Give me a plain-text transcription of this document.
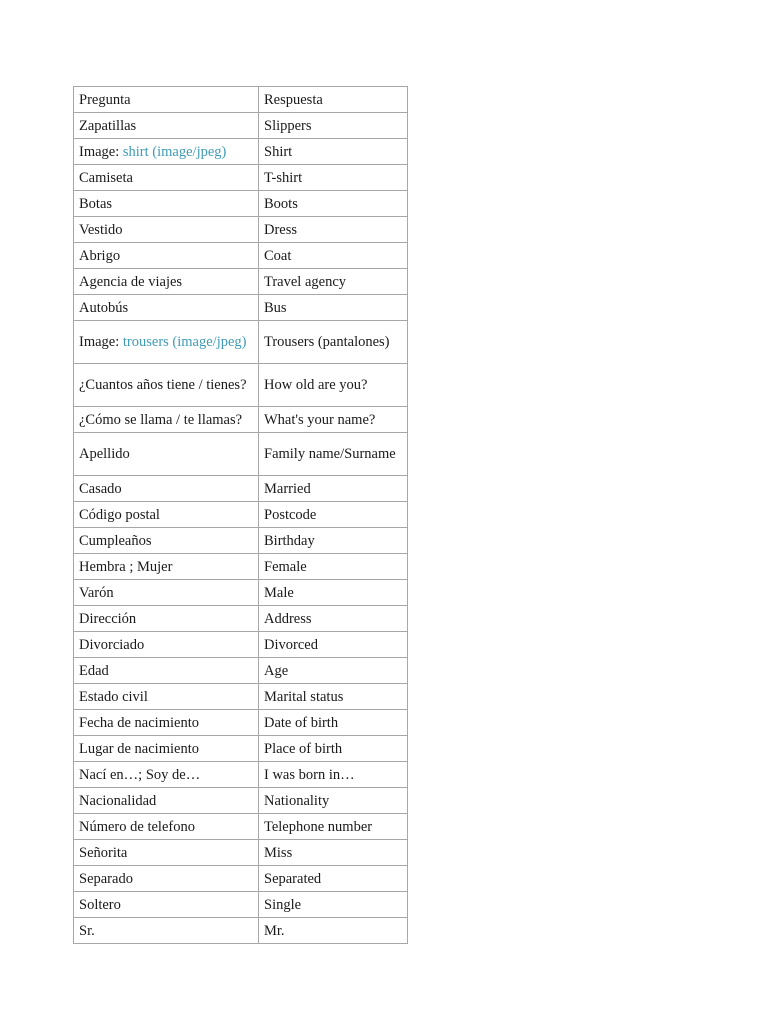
Pregunta	Respuesta
Zapatillas	Slippers
Image: shirt (image/jpeg)	Shirt
Camiseta	T-shirt
Botas	Boots
Vestido	Dress
Abrigo	Coat
Agencia de viajes	Travel agency
Autobús	Bus
Image: trousers (image/jpeg)	Trousers (pantalones)
¿Cuantos años tiene / tienes?	How old are you?
¿Cómo se llama / te llamas?	What's your name?
Apellido	Family name/Surname
Casado	Married
Código postal	Postcode
Cumpleaños	Birthday
Hembra ; Mujer	Female
Varón	Male
Dirección	Address
Divorciado	Divorced
Edad	Age
Estado civil	Marital status
Fecha de nacimiento	Date of birth
Lugar de nacimiento	Place of birth
Nací en…; Soy de…	I was born in…
Nacionalidad	Nationality
Número de telefono	Telephone number
Señorita	Miss
Separado	Separated
Soltero	Single
Sr.	Mr.
